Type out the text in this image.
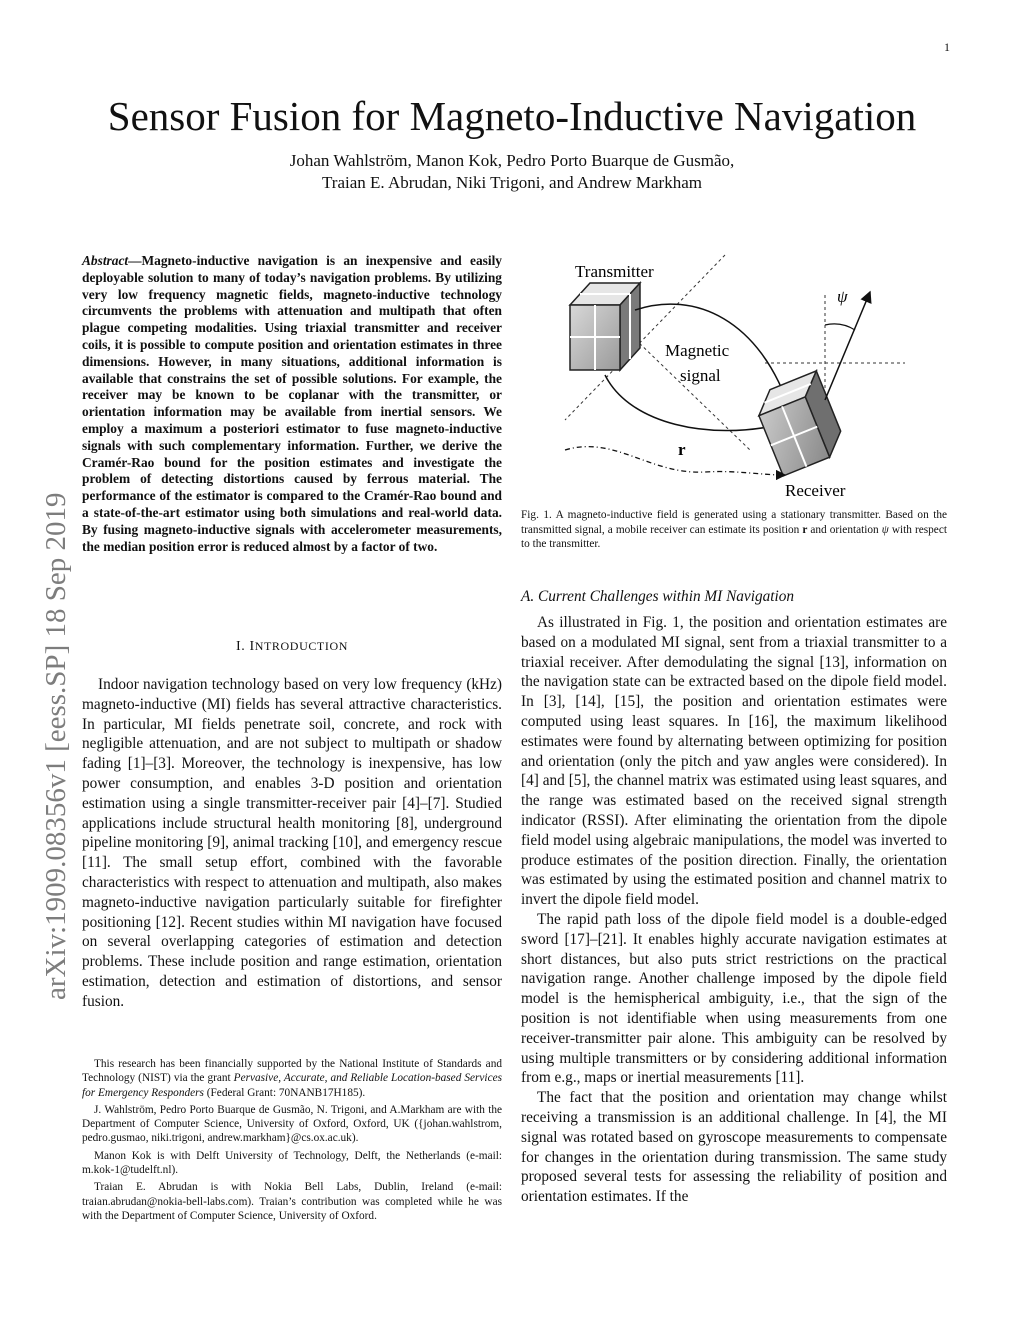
1
Sensor Fusion for Magneto-Inductive Navigation
Johan Wahlström, Manon Kok, Pedro Porto Buarque de Gusmão,
Traian E. Abrudan, Niki Trigoni, and Andrew Markham
arXiv:1909.08356v1 [eess.SP] 18 Sep 2019
Abstract—Magneto-inductive navigation is an inexpensive and easily deployable solution to many of today’s navigation problems. By utilizing very low frequency magnetic fields, magneto-inductive technology circumvents the problems with attenuation and multipath that often plague competing modalities. Using triaxial transmitter and receiver coils, it is possible to compute position and orientation estimates in three dimensions. However, in many situations, additional information is available that constrains the set of possible solutions. For example, the receiver may be known to be coplanar with the transmitter, or orientation information may be available from inertial sensors. We employ a maximum a posteriori estimator to fuse magneto-inductive signals with such complementary information. Further, we derive the Cramér-Rao bound for the position estimates and investigate the problem of detecting distortions caused by ferrous material. The performance of the estimator is compared to the Cramér-Rao bound and a state-of-the-art estimator using both simulations and real-world data. By fusing magneto-inductive signals with accelerometer measurements, the median position error is reduced almost by a factor of two.
I. INTRODUCTION

Indoor navigation technology based on very low frequency (kHz) magneto-inductive (MI) fields has several attractive characteristics. In particular, MI fields penetrate soil, concrete, and rock with negligible attenuation, and are not subject to multipath or shadow fading [1]–[3]. Moreover, the technology is inexpensive, has low power consumption, and enables 3-D position and orientation estimation using a single transmitter-receiver pair [4]–[7]. Studied applications include structural health monitoring [8], underground pipeline monitoring [9], animal tracking [10], and emergency rescue [11]. The small setup effort, combined with the favorable characteristics with respect to attenuation and multipath, also makes magneto-inductive navigation particularly suitable for firefighter positioning [12]. Recent studies within MI navigation have focused on several overlapping categories of estimation and detection problems. These include position and range estimation, orientation estimation, detection and estimation of distortions, and sensor fusion.

This research has been financially supported by the National Institute of Standards and Technology (NIST) via the grant Pervasive, Accurate, and Reliable Location-based Services for Emergency Responders (Federal Grant: 70NANB17H185).

J. Wahlström, Pedro Porto Buarque de Gusmão, N. Trigoni, and A.Markham are with the Department of Computer Science, University of Oxford, Oxford, UK ({johan.wahlstrom, pedro.gusmao, niki.trigoni, andrew.markham}@cs.ox.ac.uk).

Manon Kok is with Delft University of Technology, Delft, the Netherlands (e-mail: m.kok-1@tudelft.nl).

Traian E. Abrudan is with Nokia Bell Labs, Dublin, Ireland (e-mail: traian.abrudan@nokia-bell-labs.com). Traian’s contribution was completed while he was with the Department of Computer Science, University of Oxford.

Transmitter
Magnetic
signal
r
ψ
Receiver
Fig. 1. A magneto-inductive field is generated using a stationary transmitter. Based on the transmitted signal, a mobile receiver can estimate its position r and orientation ψ with respect to the transmitter.
A. Current Challenges within MI Navigation

As illustrated in Fig. 1, the position and orientation estimates are based on a modulated MI signal, sent from a triaxial transmitter to a triaxial receiver. After demodulating the signal [13], information on the navigation state can be extracted based on the dipole field model. In [3], [14], [15], the position and orientation estimates were computed using least squares. In [16], the maximum likelihood estimates were found by alternating between optimizing for position and orientation (only the pitch and yaw angles were considered). In [4] and [5], the channel matrix was estimated using least squares, and the range was estimated based on the received signal strength indicator (RSSI). After eliminating the orientation from the dipole field model using algebraic manipulations, the model was inverted to produce estimates of the position direction. Finally, the orientation was estimated by using the estimated position and channel matrix to invert the dipole field model.

The rapid path loss of the dipole field model is a double-edged sword [17]–[21]. It enables highly accurate navigation estimates at short distances, but also puts strict restrictions on the practical navigation range. Another challenge imposed by the dipole field model is the hemispherical ambiguity, i.e., that the sign of the position is not identifiable when using measurements from one receiver-transmitter pair alone. This ambiguity can be resolved by using multiple transmitters or by considering additional information from e.g., maps or inertial measurements [11].

The fact that the position and orientation may change whilst receiving a transmission is an additional challenge. In [4], the MI signal was rotated based on gyroscope measurements to compensate for changes in the orientation during transmission. The same study proposed several tests for assessing the reliability of position and orientation estimates. If the
